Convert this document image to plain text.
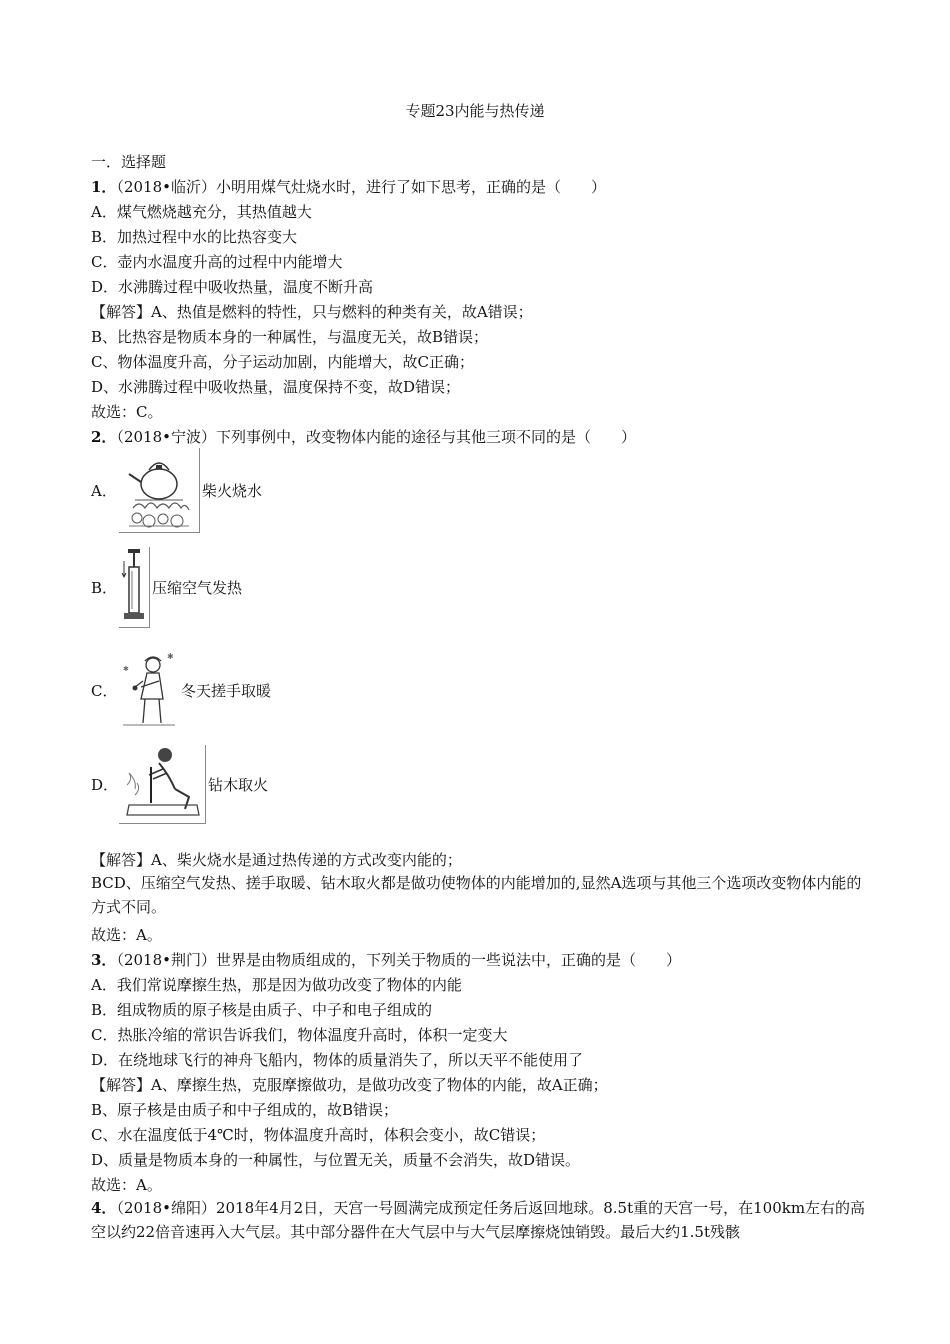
专题23内能与热传递
一．选择题
1．（2018•临沂）小明用煤气灶烧水时，进行了如下思考，正确的是（　　）
A．煤气燃烧越充分，其热值越大
B．加热过程中水的比热容变大
C．壶内水温度升高的过程中内能增大
D．水沸腾过程中吸收热量，温度不断升高
【解答】A、热值是燃料的特性，只与燃料的种类有关，故A错误；
B、比热容是物质本身的一种属性，与温度无关，故B错误；
C、物体温度升高，分子运动加剧，内能增大，故C正确；
D、水沸腾过程中吸收热量，温度保持不变，故D错误；
故选：C。
2．（2018•宁波）下列事例中，改变物体内能的途径与其他三项不同的是（　　）
A．	柴火烧水
B． 压缩空气发热
C．
✱
✱
冬天搓手取暖
D．	钻木取火
【解答】A、柴火烧水是通过热传递的方式改变内能的；
BCD、压缩空气发热、搓手取暖、钻木取火都是做功使物体的内能增加的,显然A选项与其他三个选项改变物体内能的方式不同。
故选：A。
3．（2018•荆门）世界是由物质组成的，下列关于物质的一些说法中，正确的是（　　）
A．我们常说摩擦生热，那是因为做功改变了物体的内能
B．组成物质的原子核是由质子、中子和电子组成的
C．热胀冷缩的常识告诉我们，物体温度升高时，体积一定变大
D．在绕地球飞行的神舟飞船内，物体的质量消失了，所以天平不能使用了
【解答】A、摩擦生热，克服摩擦做功，是做功改变了物体的内能，故A正确；
B、原子核是由质子和中子组成的，故B错误；
C、水在温度低于4℃时，物体温度升高时，体积会变小，故C错误；
D、质量是物质本身的一种属性，与位置无关，质量不会消失，故D错误。
故选：A。
4．（2018•绵阳）2018年4月2日，天宫一号圆满完成预定任务后返回地球。8.5t重的天宫一号，在100km左右的高空以约22倍音速再入大气层。其中部分器件在大气层中与大气层摩擦烧蚀销毁。最后大约1.5t残骸
